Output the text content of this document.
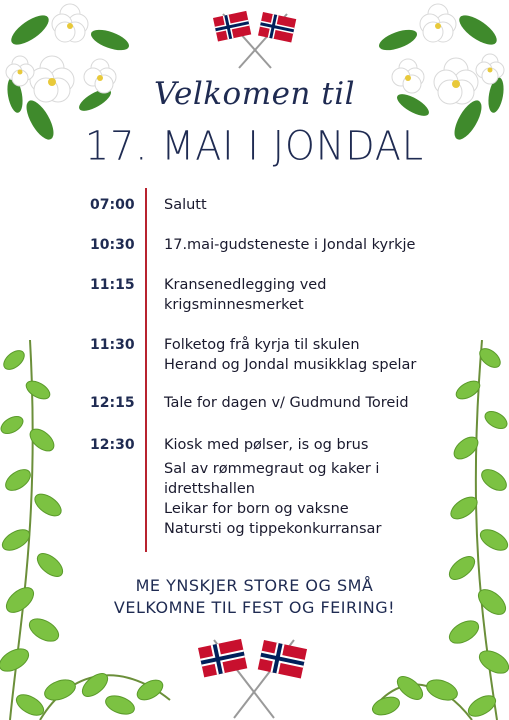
Velkomen til
17. MAI I JONDAL
07:00	Salutt
10:30	17.mai-gudsteneste i Jondal kyrkje
11:15	Kransenedlegging ved
krigsminnesmerket
11:30	Folketog frå kyrja til skulen
Herand og Jondal musikklag spelar
12:15	Tale for dagen v/ Gudmund Toreid
12:30	Kiosk med pølser, is og brus
Sal av rømmegraut og kaker i
idrettshallen
Leikar for born og vaksne
Natursti og tippekonkurransar
ME YNSKJER STORE OG SMÅ
VELKOMNE TIL FEST OG FEIRING!
